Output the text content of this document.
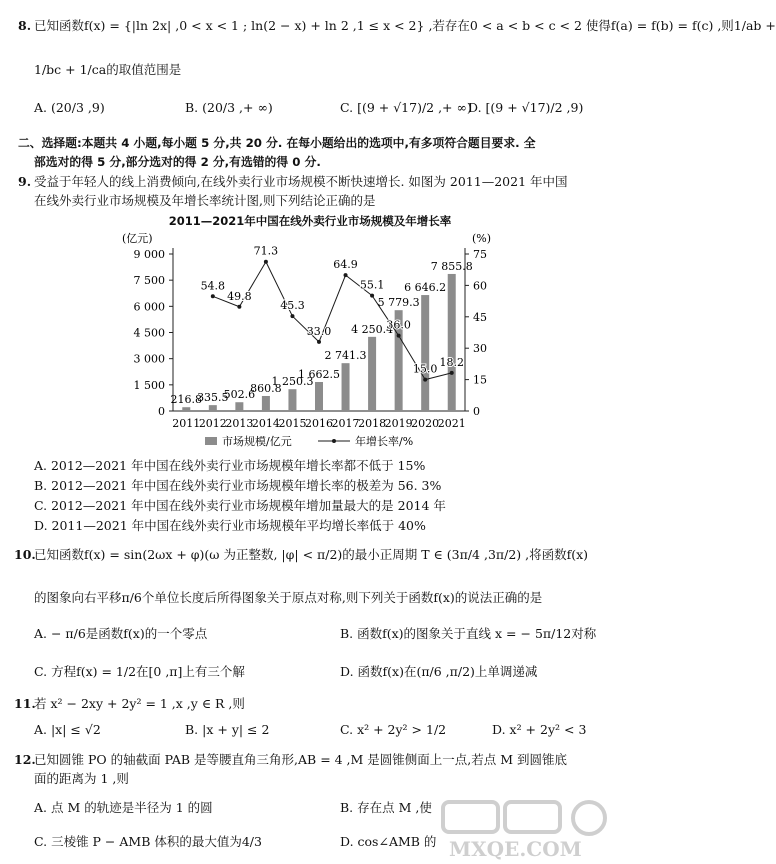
8. 已知函数f(x) = {|ln 2x| ,0 < x < 1 ; ln(2 − x) + ln 2 ,1 ≤ x < 2} ,若存在0 < a < b < c < 2 使得f(a) = f(b) = f(c) ,则1/ab +
1/bc + 1/ca的取值范围是
A. (20/3 ,9)	B. (20/3 ,+ ∞)	C. [(9 + √17)/2 ,+ ∞)
D. [(9 + √17)/2 ,9)
二、选择题:本题共 4 小题,每小题 5 分,共 20 分. 在每小题给出的选项中,有多项符合题目要求. 全
部选对的得 5 分,部分选对的得 2 分,有选错的得 0 分.
9. 受益于年轻人的线上消费倾向,在线外卖行业市场规模不断快速增长. 如图为 2011—2021 年中国
在线外卖行业市场规模及年增长率统计图,则下列结论正确的是
2011—2021年中国在线外卖行业市场规模及年增长率
(亿元)	(%)
0
1 500
3 000
4 500
6 000
7 500
9 000
0
15
30
45
60
75
2011
2012
2013
2014
2015
2016
2017
2018
2019
2020
2021
216.8
335.5
502.6
860.8
1 250.3
1 662.5
2 741.3
4 250.4
5 779.3
6 646.2
7 855.8
54.8
49.8
71.3
45.3
33.0
64.9
55.1
36.0
15.0
18.2
市场规模/亿元	年增长率/%
A. 2012—2021 年中国在线外卖行业市场规模年增长率都不低于 15%
B. 2012—2021 年中国在线外卖行业市场规模年增长率的极差为 56. 3%
C. 2012—2021 年中国在线外卖行业市场规模年增加量最大的是 2014 年
D. 2011—2021 年中国在线外卖行业市场规模年平均增长率低于 40%
10.
已知函数f(x) = sin(2ωx + φ)(ω 为正整数, |φ| < π/2)的最小正周期 T ∈ (3π/4 ,3π/2) ,将函数f(x)
的图象向右平移π/6个单位长度后所得图象关于原点对称,则下列关于函数f(x)的说法正确的是
A. − π/6是函数f(x)的一个零点	B. 函数f(x)的图象关于直线 x = − 5π/12对称
C. 方程f(x) = 1/2在[0 ,π]上有三个解	D. 函数f(x)在(π/6 ,π/2)上单调递减
11.
若 x² − 2xy + 2y² = 1 ,x ,y ∈ R ,则
A. |x| ≤ √2	B. |x + y| ≤ 2	C. x² + 2y² > 1/2	D. x² + 2y² < 3
12.
已知圆锥 PO 的轴截面 PAB 是等腰直角三角形,AB = 4 ,M 是圆锥侧面上一点,若点 M 到圆锥底
面的距离为 1 ,则
A. 点 M 的轨迹是半径为 1 的圆	B. 存在点 M ,使
C. 三棱锥 P − AMB 体积的最大值为4/3	D. cos∠AMB 的 MXQE.COM
